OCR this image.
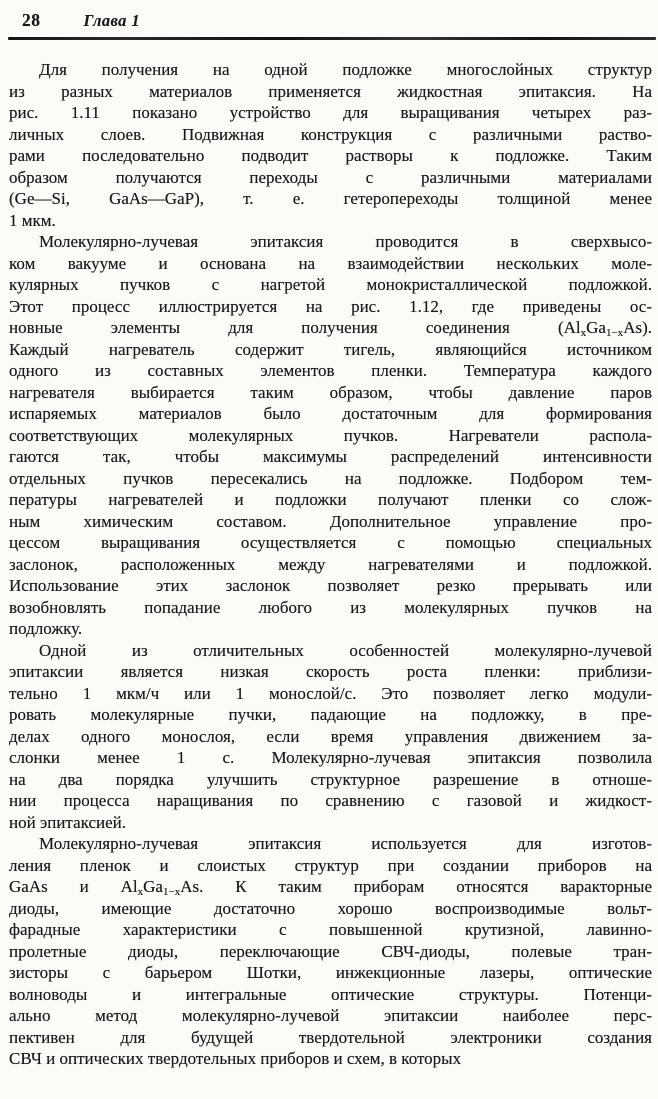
28	Глава 1
Для получения на одной подложке многослойных структур
из разных материалов применяется жидкостная эпитаксия. На
рис. 1.11 показано устройство для выращивания четырех раз-
личных слоев. Подвижная конструкция с различными раство-
рами последовательно подводит растворы к подложке. Таким
образом получаются переходы с различными материалами
(Ge—Si, GaAs—GaP), т. е. гетеропереходы толщиной менее
1 мкм.
Молекулярно-лучевая эпитаксия проводится в сверхвысо-
ком вакууме и основана на взаимодействии нескольких моле-
кулярных пучков с нагретой монокристаллической подложкой.
Этот процесс иллюстрируется на рис. 1.12, где приведены ос-
новные элементы для получения соединения $(Al_xGa_{1-x}As)$.
Каждый нагреватель содержит тигель, являющийся источником
одного из составных элементов пленки. Температура каждого
нагревателя выбирается таким образом, чтобы давление паров
испаряемых материалов было достаточным для формирования
соответствующих молекулярных пучков. Нагреватели распола-
гаются так, чтобы максимумы распределений интенсивности
отдельных пучков пересекались на подложке. Подбором тем-
пературы нагревателей и подложки получают пленки со слож-
ным химическим составом. Дополнительное управление про-
цессом выращивания осуществляется с помощью специальных
заслонок, расположенных между нагревателями и подложкой.
Использование этих заслонок позволяет резко прерывать или
возобновлять попадание любого из молекулярных пучков на
подложку.
Одной из отличительных особенностей молекулярно-лучевой
эпитаксии является низкая скорость роста пленки: приблизи-
тельно 1 мкм/ч или 1 монослой/с. Это позволяет легко модули-
ровать молекулярные пучки, падающие на подложку, в пре-
делах одного монослоя, если время управления движением за-
слонки менее 1 с. Молекулярно-лучевая эпитаксия позволила
на два порядка улучшить структурное разрешение в отноше-
нии процесса наращивания по сравнению с газовой и жидкост-
ной эпитаксией.
Молекулярно-лучевая эпитаксия используется для изготов-
ления пленок и слоистых структур при создании приборов на
GaAs и $Al_xGa_{1-x}As$. К таким приборам относятся варакторные
диоды, имеющие достаточно хорошо воспроизводимые вольт-
фарадные характеристики с повышенной крутизной, лавинно-
пролетные диоды, переключающие СВЧ-диоды, полевые тран-
зисторы с барьером Шотки, инжекционные лазеры, оптические
волноводы и интегральные оптические структуры. Потенци-
ально метод молекулярно-лучевой эпитаксии наиболее перс-
пективен для будущей твердотельной электроники создания
СВЧ и оптических твердотельных приборов и схем, в которых
